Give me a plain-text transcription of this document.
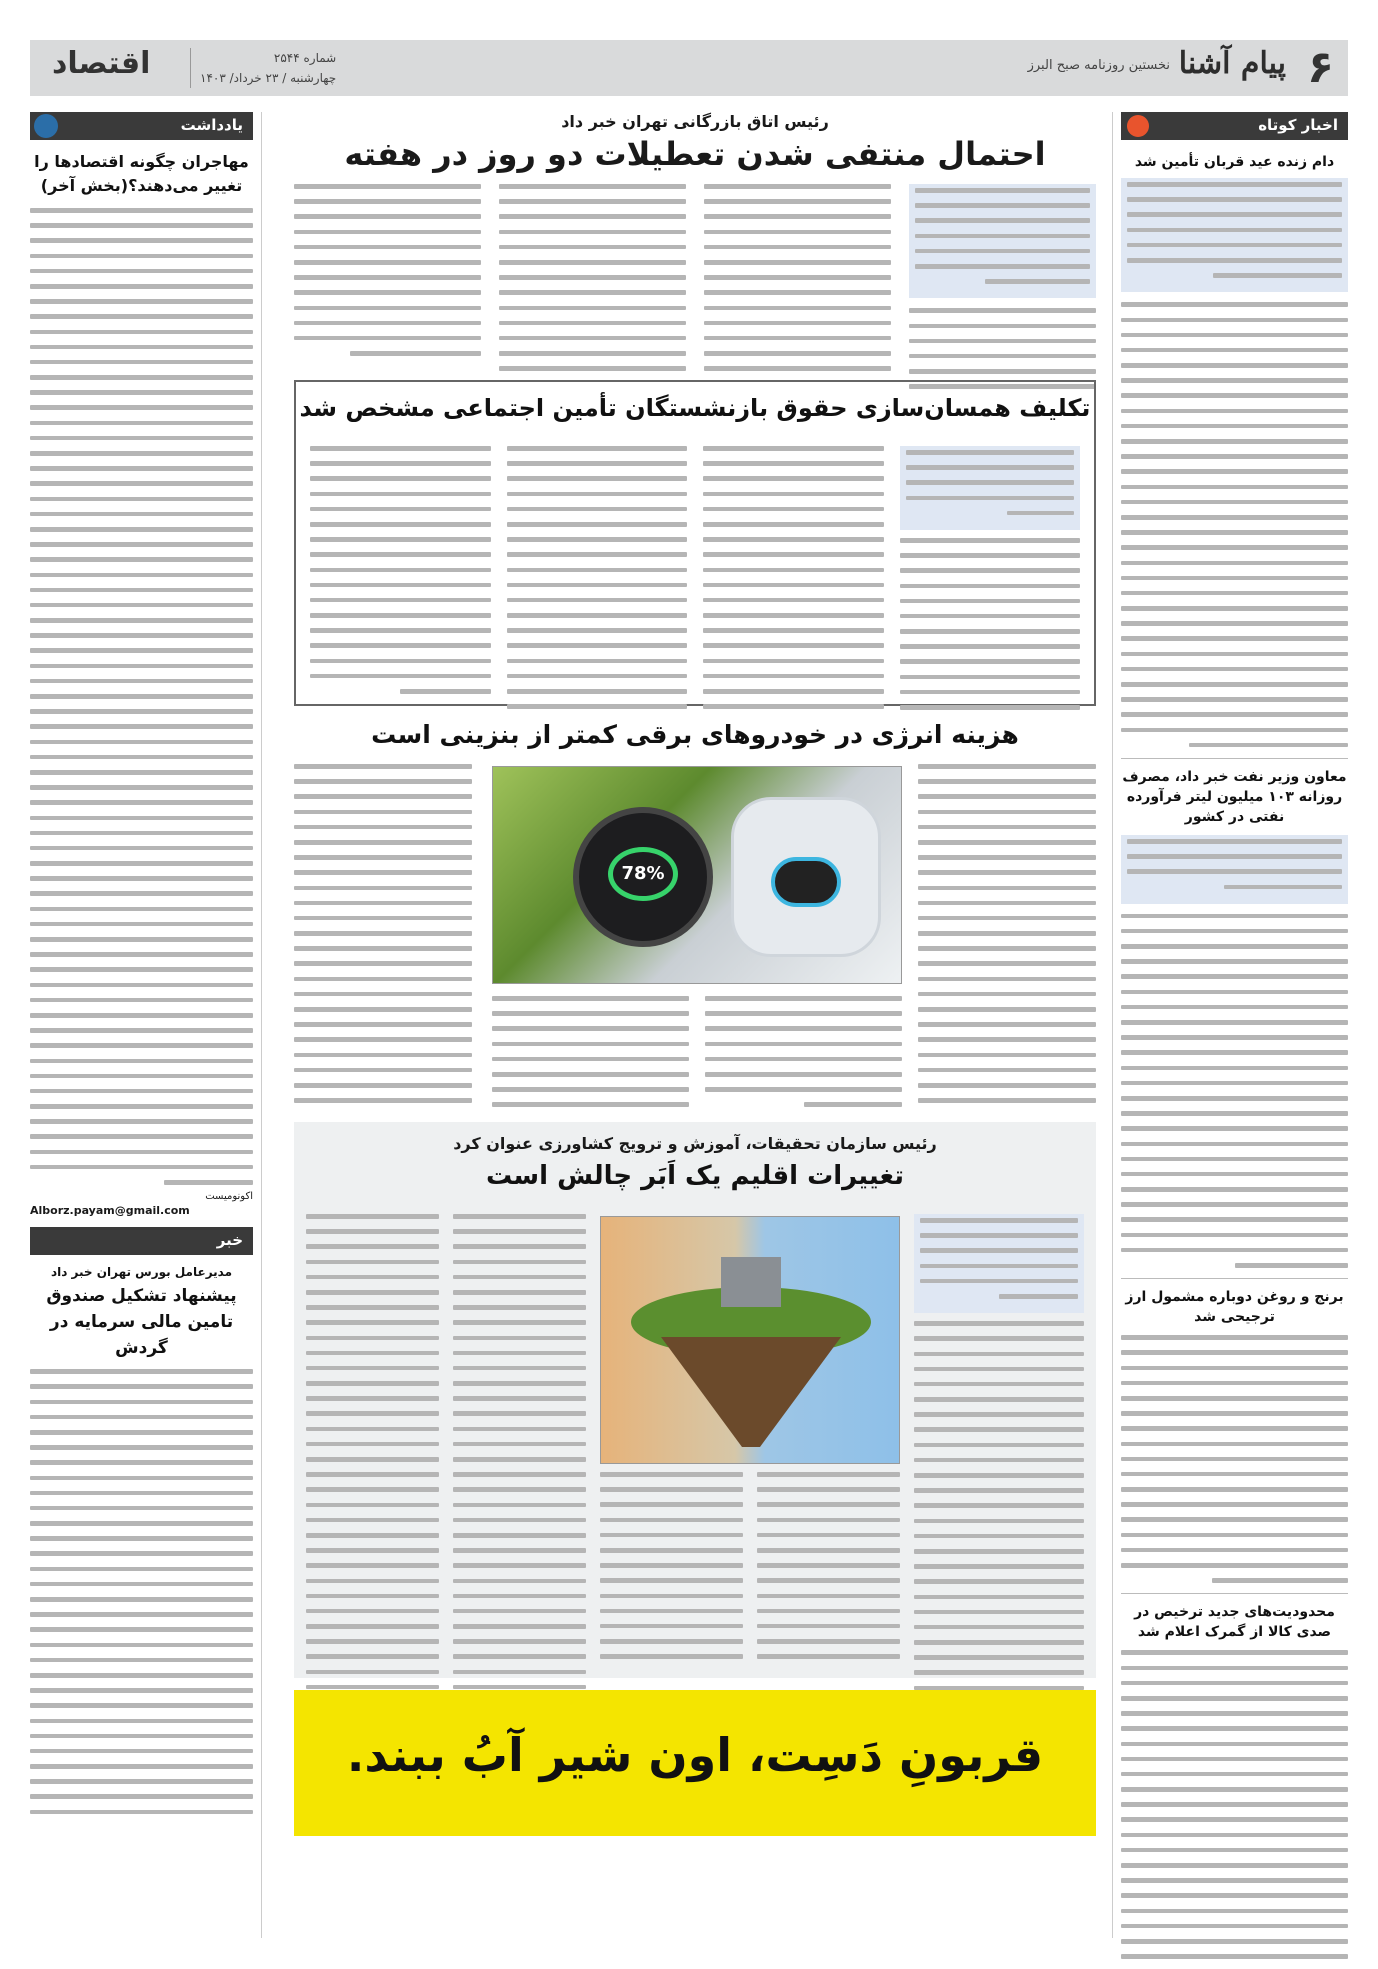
۶
پیام آشنا
نخستین روزنامه صبح البرز
شماره ۲۵۴۴
چهارشنبه / ۲۳ خرداد/ ۱۴۰۳
اقتصاد
اخبار کوتاه
دام زنده عید قربان تأمین شد
معاون وزیر نفت خبر داد، مصرف روزانه ۱۰۳ میلیون لیتر فرآورده نفتی در کشور
برنج و روغن دوباره مشمول ارز ترجیحی شد
محدودیت‌های جدید ترخیص در صدی کالا از گمرک اعلام شد
یادداشت
مهاجران چگونه اقتصادها را تغییر می‌دهند؟(بخش آخر)
اکونومیست
Alborz.payam@gmail.com
خبر
مدیرعامل بورس تهران خبر داد
پیشنهاد تشکیل صندوق تامین مالی سرمایه در گردش
رئیس اتاق بازرگانی تهران خبر داد
احتمال منتفی شدن تعطیلات دو روز در هفته
تکلیف همسان‌سازی حقوق بازنشستگان تأمین اجتماعی مشخص شد
هزینه انرژی در خودروهای برقی کمتر از بنزینی است
78%
رئیس سازمان تحقیقات، آموزش و ترویج کشاورزی عنوان کرد
تغییرات اقلیم یک اَبَر چالش است
قربونِ دَسِت، اون شیر آبُ ببند.
